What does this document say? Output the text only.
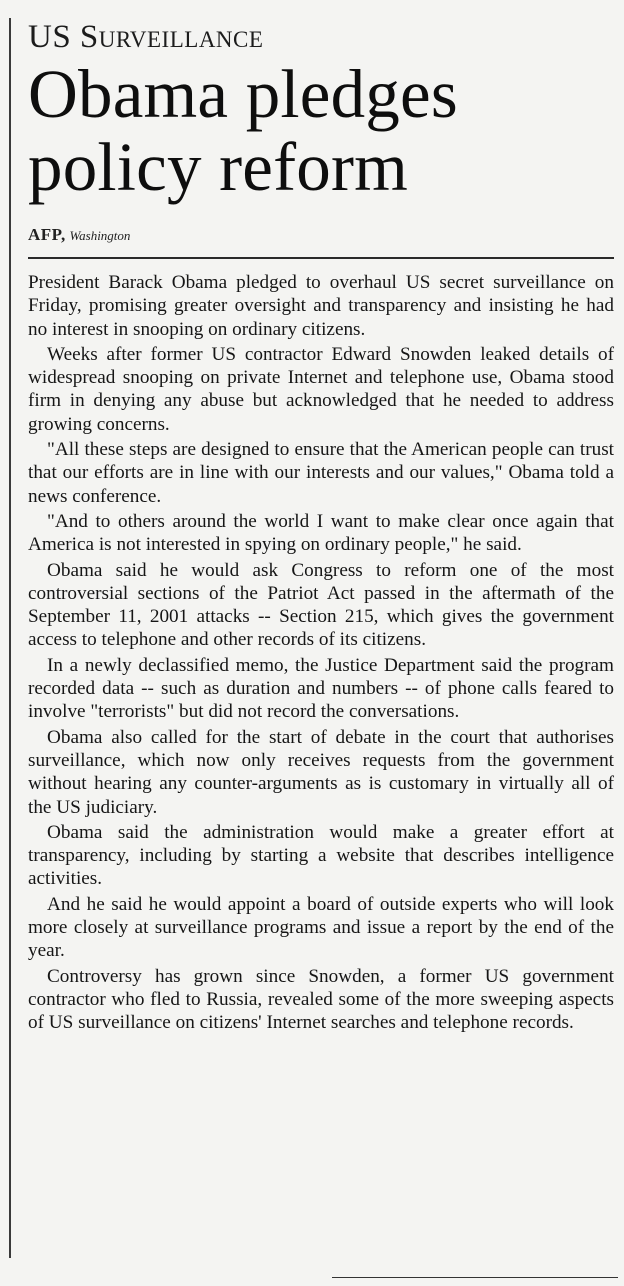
US Surveillance
Obama pledges policy reform
AFP, Washington

President Barack Obama pledged to overhaul US secret surveillance on Friday, promising greater oversight and transparency and insisting he had no interest in snooping on ordinary citizens.

Weeks after former US contractor Edward Snowden leaked details of widespread snooping on private Internet and telephone use, Obama stood firm in denying any abuse but acknowledged that he needed to address growing concerns.

"All these steps are designed to ensure that the American people can trust that our efforts are in line with our interests and our values," Obama told a news conference.

"And to others around the world I want to make clear once again that America is not interested in spying on ordinary people," he said.

Obama said he would ask Congress to reform one of the most controversial sections of the Patriot Act passed in the aftermath of the September 11, 2001 attacks -- Section 215, which gives the government access to telephone and other records of its citizens.

In a newly declassified memo, the Justice Department said the program recorded data -- such as duration and numbers -- of phone calls feared to involve "terrorists" but did not record the conversations.

Obama also called for the start of debate in the court that authorises surveillance, which now only receives requests from the government without hearing any counter-arguments as is customary in virtually all of the US judiciary.

Obama said the administration would make a greater effort at transparency, including by starting a website that describes intelligence activities.

And he said he would appoint a board of outside experts who will look more closely at surveillance programs and issue a report by the end of the year.

Controversy has grown since Snowden, a former US government contractor who fled to Russia, revealed some of the more sweeping aspects of US surveillance on citizens' Internet searches and telephone records.
